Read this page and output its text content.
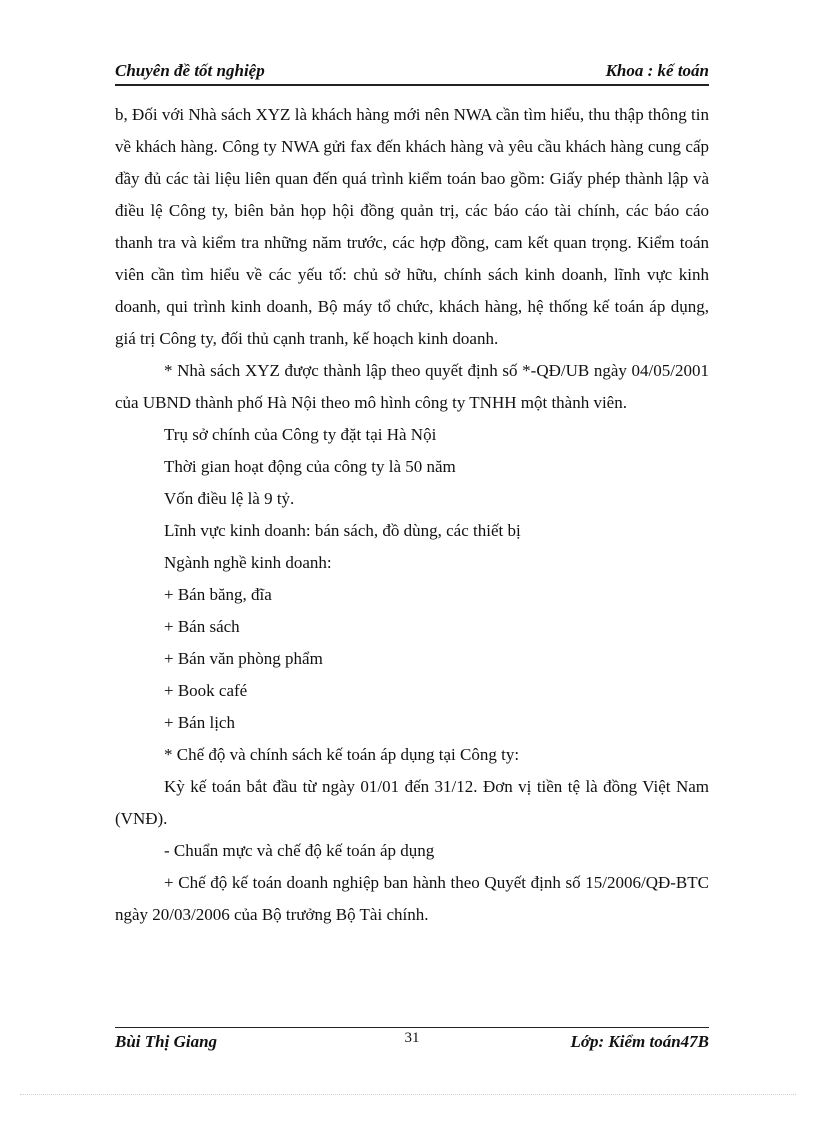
Chuyên đề tốt nghiệp	Khoa : kế toán

b, Đối với Nhà sách XYZ là khách hàng mới nên NWA cần tìm hiểu, thu thập thông tin về khách hàng. Công ty NWA gửi fax đến khách hàng và yêu cầu khách hàng cung cấp đầy đủ các tài liệu liên quan đến quá trình kiểm toán bao gồm: Giấy phép thành lập và điều lệ Công ty, biên bản họp hội đồng quản trị, các báo cáo tài chính, các báo cáo thanh tra và kiểm tra những năm trước, các hợp đồng, cam kết quan trọng. Kiểm toán viên cần tìm hiểu về các yếu tố: chủ sở hữu, chính sách kinh doanh, lĩnh vực kinh doanh, qui trình kinh doanh, Bộ máy tổ chức, khách hàng, hệ thống kế toán áp dụng, giá trị Công ty, đối thủ cạnh tranh, kế hoạch kinh doanh.

* Nhà sách XYZ được thành lập theo quyết định số *-QĐ/UB ngày 04/05/2001 của UBND thành phố Hà Nội theo mô hình công ty TNHH một thành viên.

Trụ sở chính của Công ty đặt tại Hà Nội

Thời gian hoạt động của công ty là 50 năm

Vốn điều lệ là 9 tỷ.

Lĩnh vực kinh doanh: bán sách, đồ dùng, các thiết bị

Ngành nghề kinh doanh:

+ Bán băng, đĩa

+ Bán sách

+ Bán văn phòng phẩm

+ Book café

+ Bán lịch

* Chế độ và chính sách kế toán áp dụng tại Công ty:

Kỳ kế toán bắt đầu từ ngày 01/01 đến 31/12. Đơn vị tiền tệ là đồng Việt Nam (VNĐ).

- Chuẩn mực và chế độ kế toán áp dụng

+ Chế độ kế toán doanh nghiệp ban hành theo Quyết định số 15/2006/QĐ-BTC ngày 20/03/2006 của Bộ trưởng Bộ Tài chính.

Bùi Thị Giang	31	Lớp: Kiểm toán47B
